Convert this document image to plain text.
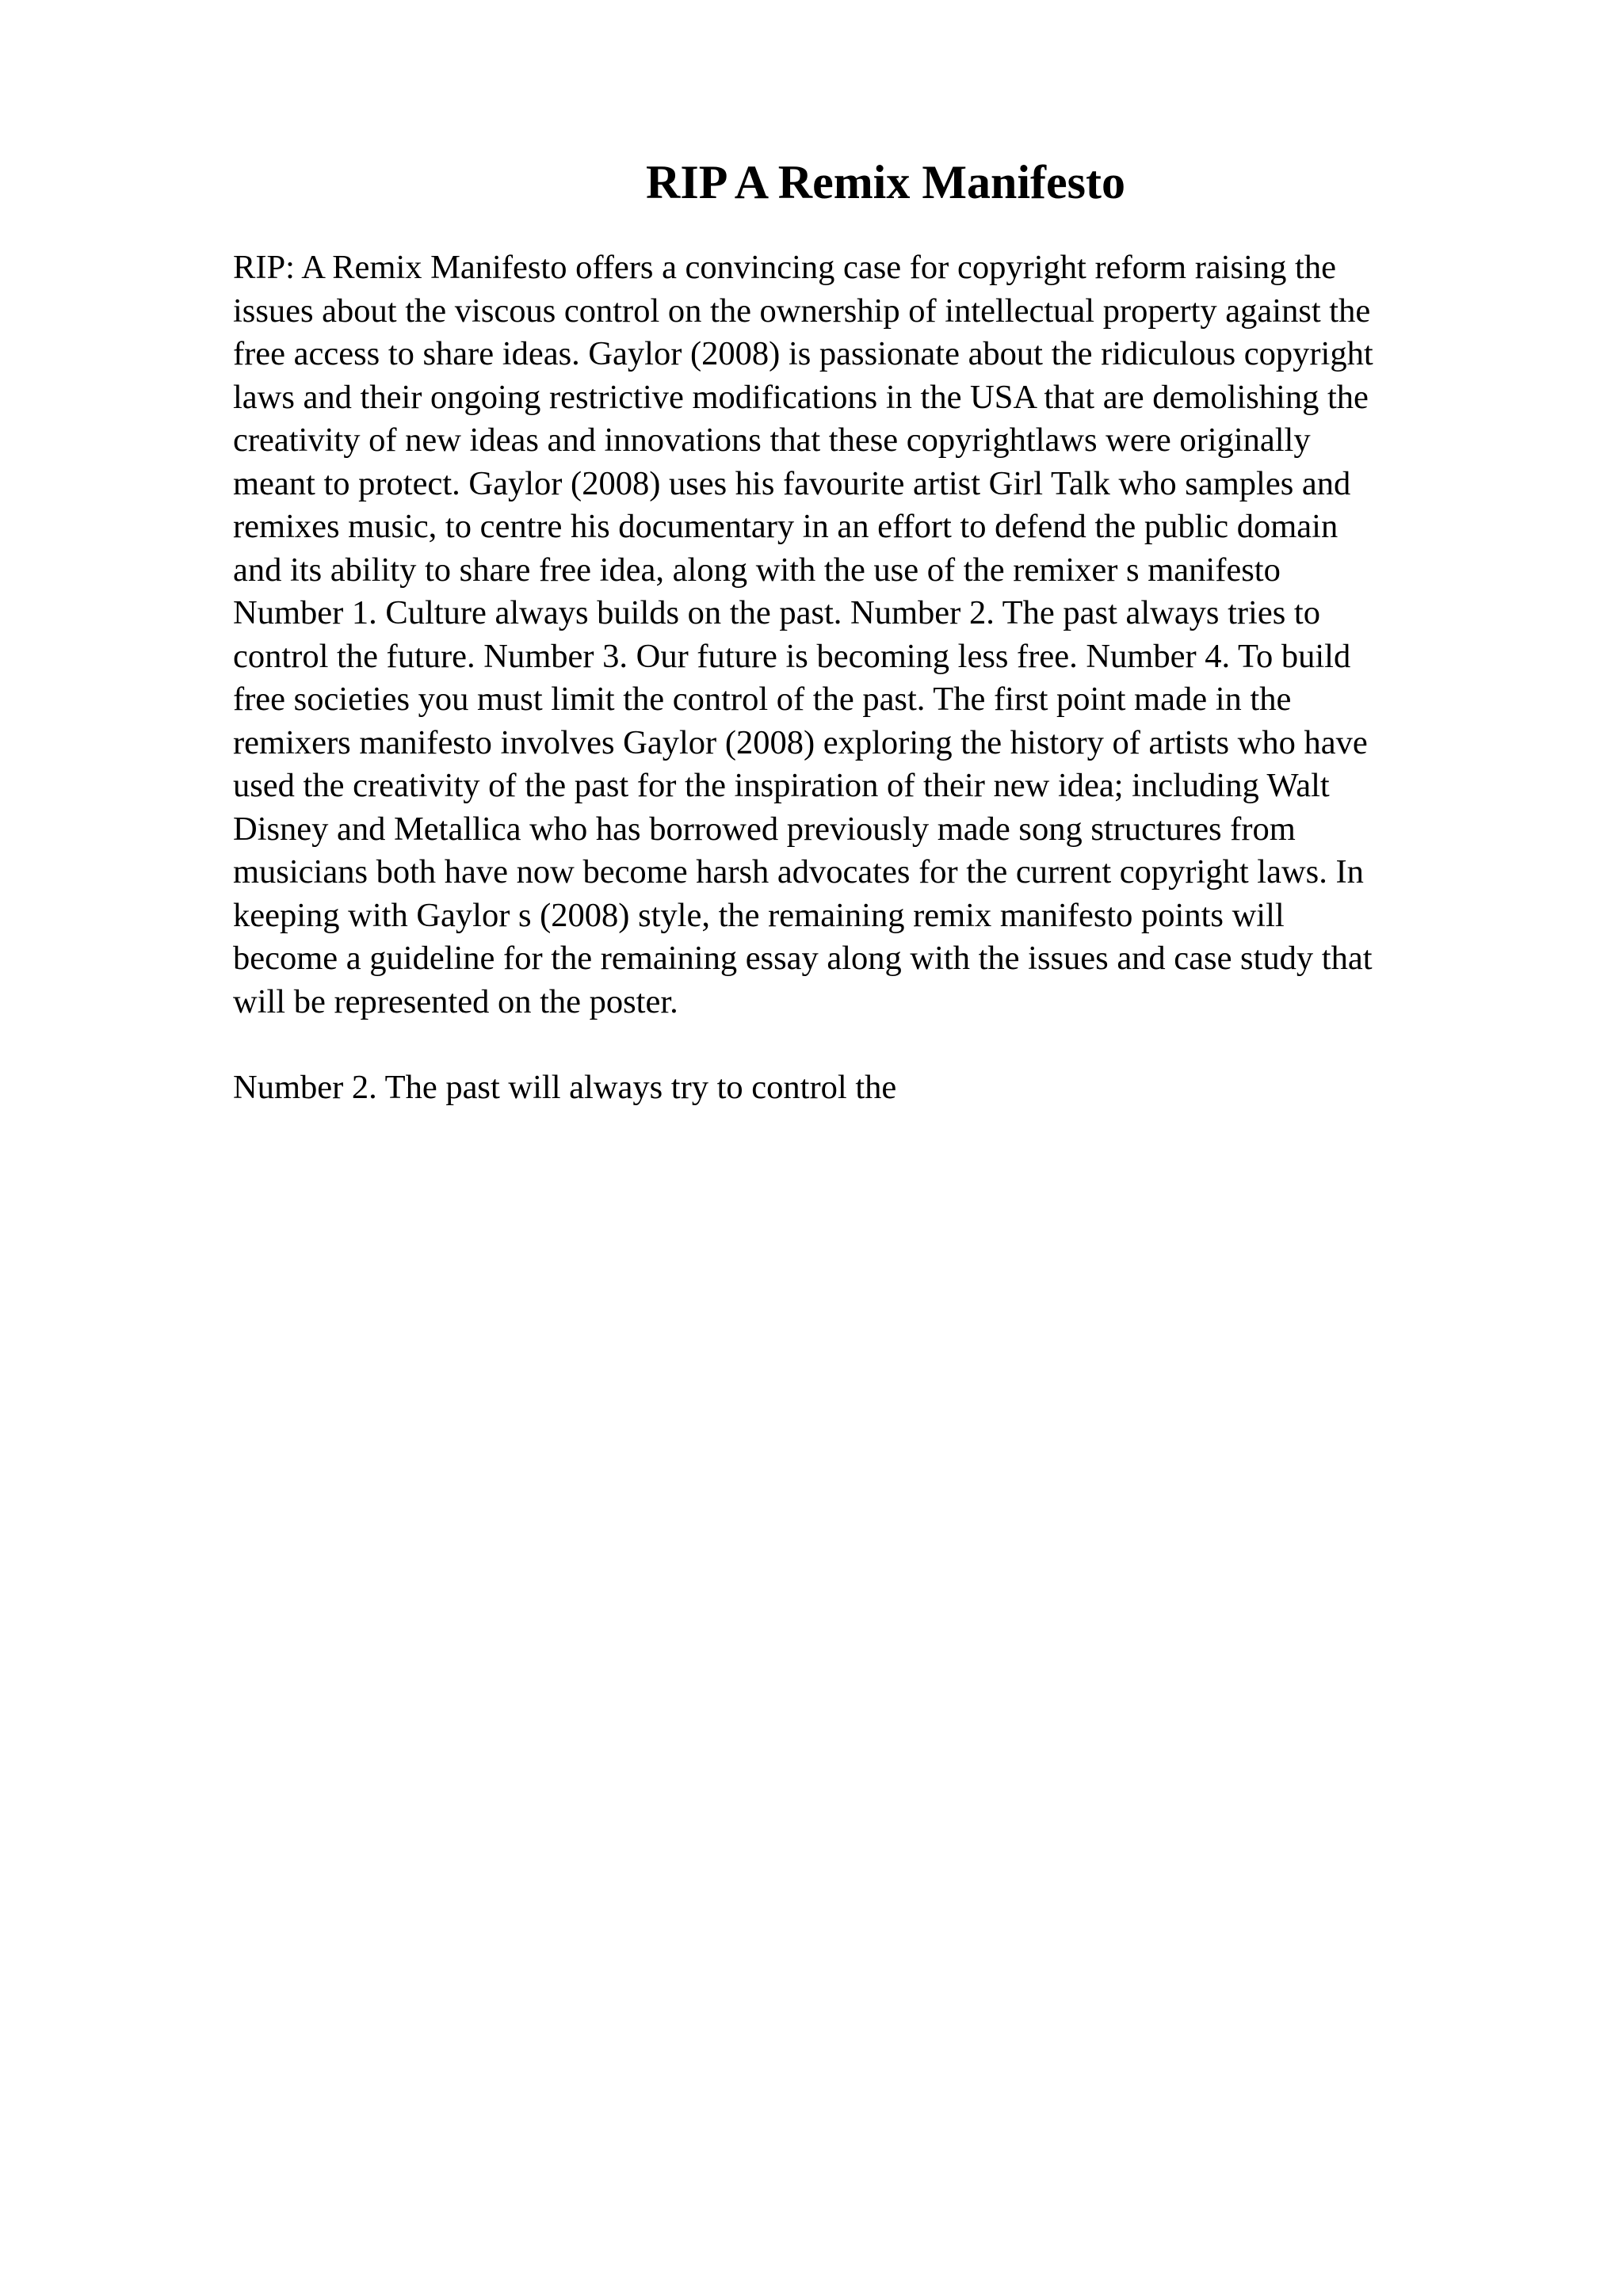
RIP A Remix Manifesto

RIP: A Remix Manifesto offers a convincing case for copyright reform raising the
issues about the viscous control on the ownership of intellectual property against the
free access to share ideas. Gaylor (2008) is passionate about the ridiculous copyright
laws and their ongoing restrictive modifications in the USA that are demolishing the
creativity of new ideas and innovations that these copyrightlaws were originally
meant to protect. Gaylor (2008) uses his favourite artist Girl Talk who samples and
remixes music, to centre his documentary in an effort to defend the public domain
and its ability to share free idea, along with the use of the remixer s manifesto
Number 1. Culture always builds on the past. Number 2. The past always tries to
control the future. Number 3. Our future is becoming less free. Number 4. To build
free societies you must limit the control of the past. The first point made in the
remixers manifesto involves Gaylor (2008) exploring the history of artists who have
used the creativity of the past for the inspiration of their new idea; including Walt
Disney and Metallica who has borrowed previously made song structures from
musicians both have now become harsh advocates for the current copyright laws. In
keeping with Gaylor s (2008) style, the remaining remix manifesto points will
become a guideline for the remaining essay along with the issues and case study that
will be represented on the poster.

Number 2. The past will always try to control the
